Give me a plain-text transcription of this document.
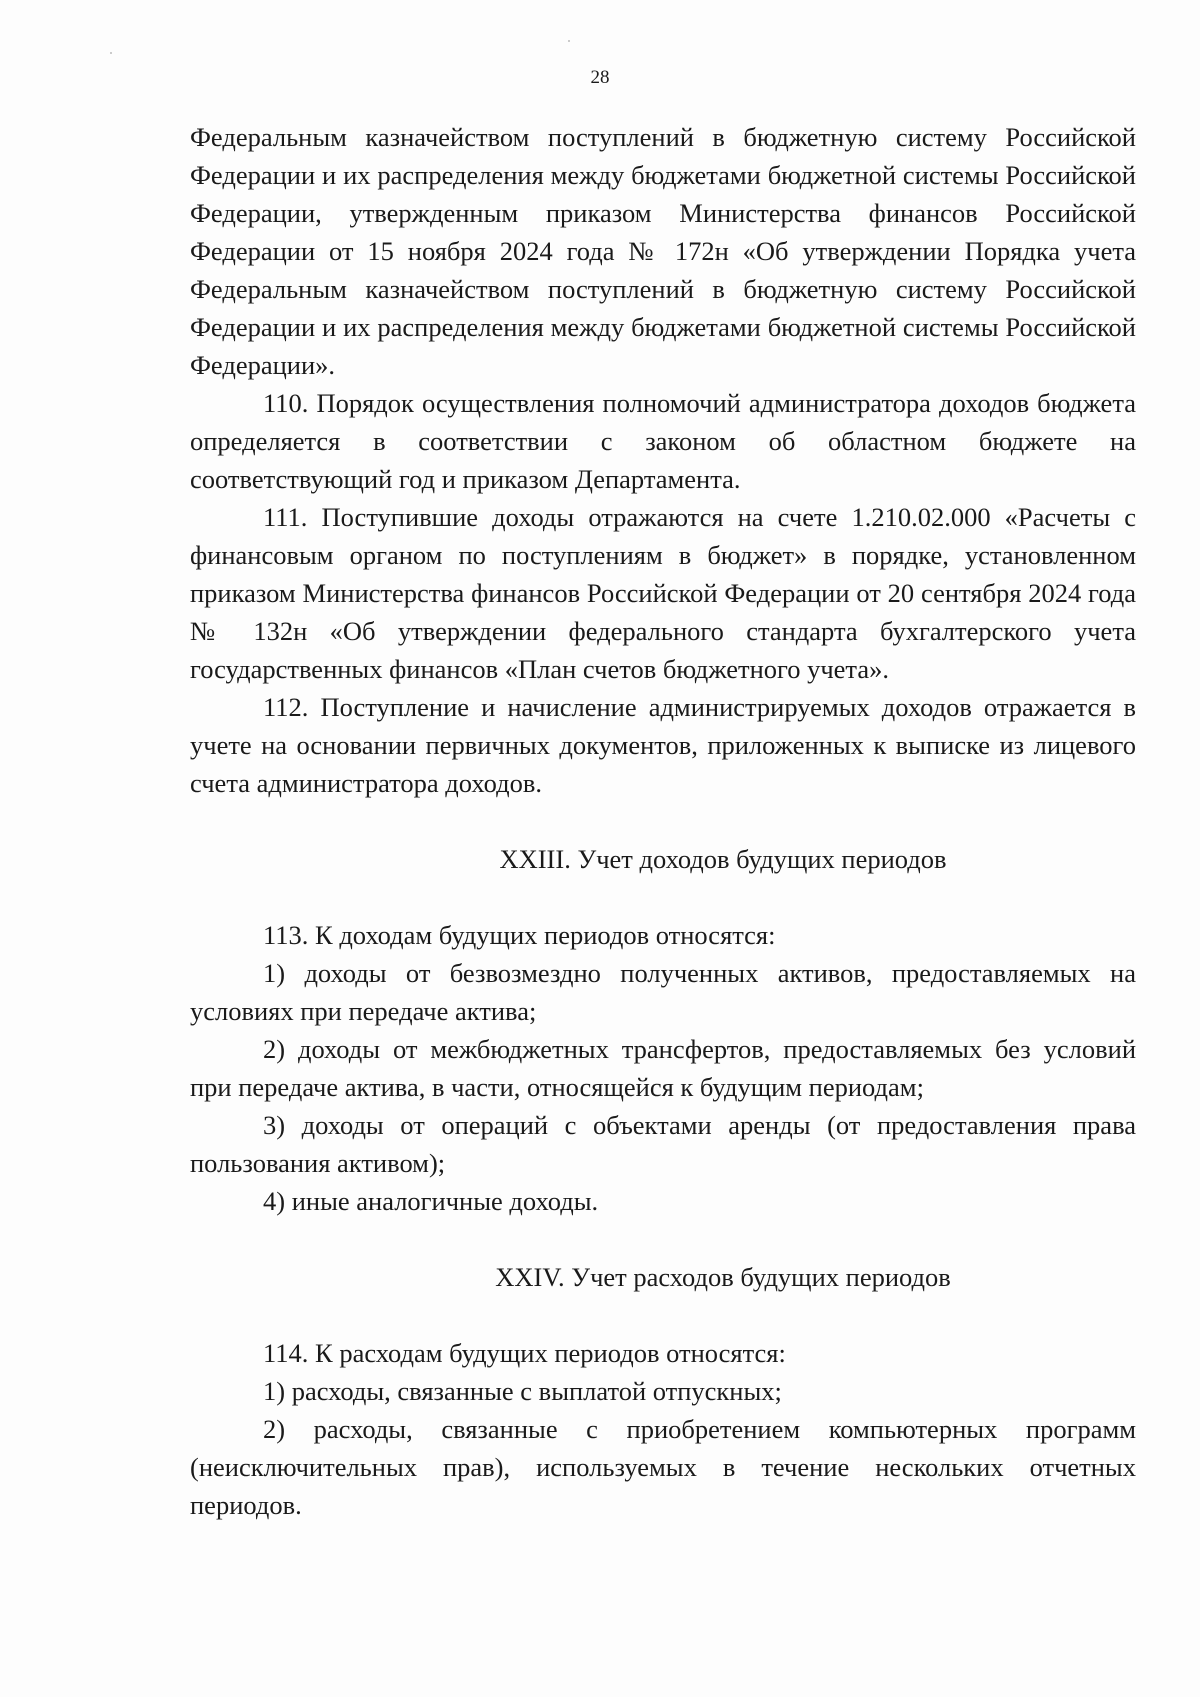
28

Федеральным казначейством поступлений в бюджетную систему Российской Федерации и их распределения между бюджетами бюджетной системы Российской Федерации, утвержденным приказом Министерства финансов Российской Федерации от 15 ноября 2024 года № 172н «Об утверждении Порядка учета Федеральным казначейством поступлений в бюджетную систему Российской Федерации и их распределения между бюджетами бюджетной системы Российской Федерации».

110. Порядок осуществления полномочий администратора доходов бюджета определяется в соответствии с законом об областном бюджете на соответствующий год и приказом Департамента.

111. Поступившие доходы отражаются на счете 1.210.02.000 «Расчеты с финансовым органом по поступлениям в бюджет» в порядке, установленном приказом Министерства финансов Российской Федерации от 20 сентября 2024 года № 132н «Об утверждении федерального стандарта бухгалтерского учета государственных финансов «План счетов бюджетного учета».

112. Поступление и начисление администрируемых доходов отражается в учете на основании первичных документов, приложенных к выписке из лицевого счета администратора доходов.

XXIII. Учет доходов будущих периодов

113. К доходам будущих периодов относятся:

1) доходы от безвозмездно полученных активов, предоставляемых на условиях при передаче актива;

2) доходы от межбюджетных трансфертов, предоставляемых без условий при передаче актива, в части, относящейся к будущим периодам;

3) доходы от операций с объектами аренды (от предоставления права пользования активом);

4) иные аналогичные доходы.

XXIV. Учет расходов будущих периодов

114. К расходам будущих периодов относятся:

1) расходы, связанные с выплатой отпускных;

2) расходы, связанные с приобретением компьютерных программ (неисключительных прав), используемых в течение нескольких отчетных периодов.
